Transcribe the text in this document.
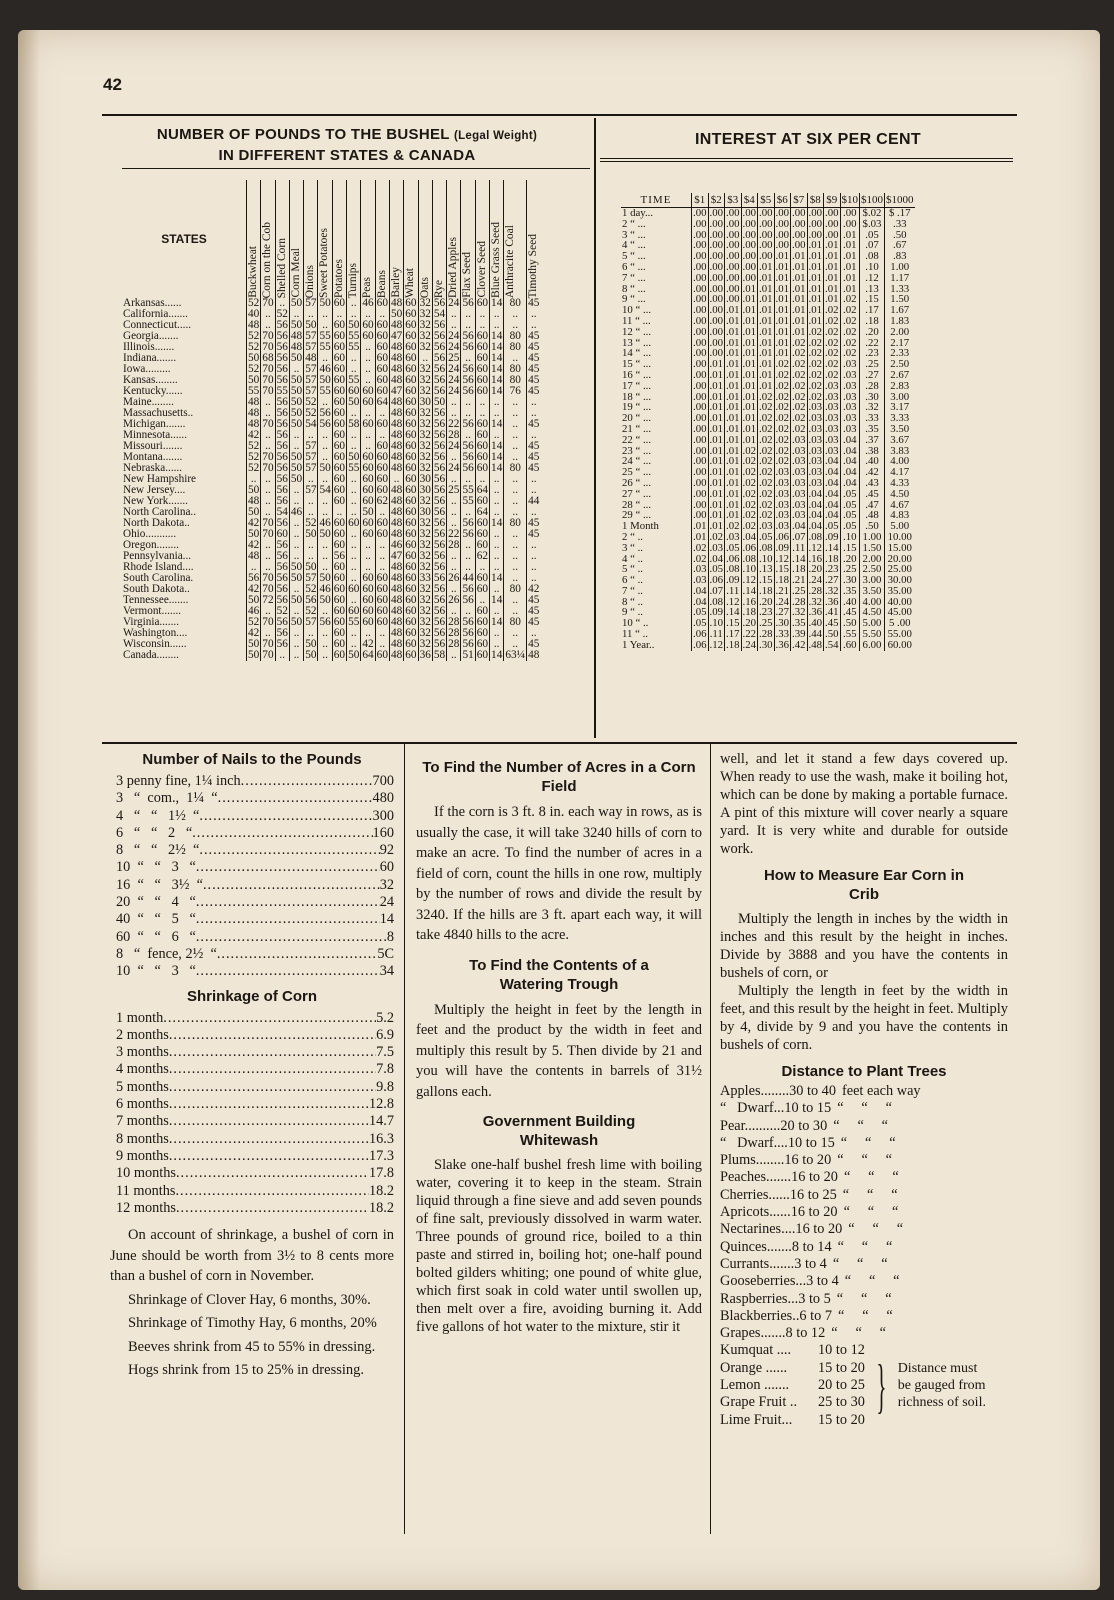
42
NUMBER OF POUNDS TO THE BUSHEL (Legal Weight)
IN DIFFERENT STATES & CANADA
STATES	Buckwheat	Corn on the Cob	Shelled Corn	Corn Meal	Onions	Sweet Potatoes	Potatoes	Turnips	Peas	Beans	Barley	Wheat	Oats	Rye	Dried Apples	Flax Seed	Clover Seed	Blue Grass Seed	Anthracite Coal	Timothy Seed

Arkansas......	52	70	..	50	57	50	60	..	46	60	48	60	32	56	24	56	60	14	80	45
California.......	40	..	52	..	..	..	..	..	..	..	50	60	32	54	..	..	..	..	..	..
Connecticut.....	48	..	56	50	50	..	60	50	60	60	48	60	32	56	..	..	..	..	..	..
Georgia.......	52	70	56	48	57	55	60	55	60	60	47	60	32	56	24	56	60	14	80	45
Illinois.......	52	70	56	48	57	55	60	55	..	60	48	60	32	56	24	56	60	14	80	45
Indiana.......	50	68	56	50	48	..	60	..	..	60	48	60	..	56	25	..	60	14	..	45
Iowa.........	52	70	56	..	57	46	60	..	..	60	48	60	32	56	24	56	60	14	80	45
Kansas........	50	70	56	50	57	50	60	55	..	60	48	60	32	56	24	56	60	14	80	45
Kentucky......	55	70	55	50	57	55	60	60	60	60	47	60	32	56	24	56	60	14	76	45
Maine........	48	..	56	50	52	..	60	50	60	64	48	60	30	50	..	..	..	..	..	..
Massachusetts..	48	..	56	50	52	56	60	..	..	..	48	60	32	56	..	..	..	..	..	..
Michigan.......	48	70	56	50	54	56	60	58	60	60	48	60	32	56	22	56	60	14	..	45
Minnesota......	42	..	56	..	..	..	60	..	..	..	48	60	32	56	28	..	60	..	..	..
Missouri.......	52	..	56	..	57	..	60	..	..	60	48	60	32	56	24	56	60	14	..	45
Montana.......	52	70	56	50	57	..	60	50	60	60	48	60	32	56	..	56	60	14	..	45
Nebraska......	52	70	56	50	57	50	60	55	60	60	48	60	32	56	24	56	60	14	80	45
New Hampshire	..	..	56	50	..	..	60	..	60	60	..	60	30	56	..	..	..	..	..	..
New Jersey....	50	..	56	..	57	54	60	..	60	60	48	60	30	56	25	55	64	..	..	..
New York.......	48	..	56	..	..	..	60	..	60	62	48	60	32	56	..	55	60	..	..	44
North Carolina..	50	..	54	46	..	..	..	..	50	..	48	60	30	56	..	..	64	..	..	..
North Dakota..	42	70	56	..	52	46	60	60	60	60	48	60	32	56	..	56	60	14	80	45
Ohio...........	50	70	60	..	50	50	60	..	60	60	48	60	32	56	22	56	60	..	..	45
Oregon........	42	..	56	..	..	..	60	..	..	..	46	60	32	56	28	..	60	..	..	..
Pennsylvania...	48	..	56	..	..	..	56	..	..	..	47	60	32	56	..	..	62	..	..	..
Rhode Island....	..	..	56	50	50	..	60	..	..	..	48	60	32	56	..	..	..	..	..	..
South Carolina.	56	70	56	50	57	50	60	..	60	60	48	60	33	56	26	44	60	14	..	..
South Dakota..	42	70	56	..	52	46	60	60	60	60	48	60	32	56	..	56	60	..	80	42
Tennessee.......	50	72	56	50	56	50	60	..	60	60	48	60	32	56	26	56	..	14	..	45
Vermont.......	46	..	52	..	52	..	60	60	60	60	48	60	32	56	..	..	60	..	..	45
Virginia.......	52	70	56	50	57	56	60	55	60	60	48	60	32	56	28	56	60	14	80	45
Washington....	42	..	56	..	..	..	60	..	..	..	48	60	32	56	28	56	60	..	..	..
Wisconsin......	50	70	56	..	50	..	60	..	42	..	48	60	32	56	28	56	60	..	..	45
Canada........	50	70	..	..	50	..	60	50	64	60	48	60	36	58	..	51	60	14	63¼	48
INTEREST AT SIX PER CENT
TIME	$1	$2	$3	$4	$5	$6	$7	$8	$9	$10	$100	$1000
1 day...	.00	.00	.00	.00	.00	.00	.00	.00	.00	.00	$.02	$ .17
2 “ ...	.00	.00	.00	.00	.00	.00	.00	.00	.00	.00	$.03	.33
3 “ ...	.00	.00	.00	.00	.00	.00	.00	.00	.00	.01	.05	.50
4 “ ...	.00	.00	.00	.00	.00	.00	.00	.01	.01	.01	.07	.67
5 “ ...	.00	.00	.00	.00	.00	.01	.01	.01	.01	.01	.08	.83
6 “ ...	.00	.00	.00	.00	.01	.01	.01	.01	.01	.01	.10	1.00
7 “ ...	.00	.00	.00	.00	.01	.01	.01	.01	.01	.01	.12	1.17
8 “ ...	.00	.00	.00	.01	.01	.01	.01	.01	.01	.01	.13	1.33
9 “ ...	.00	.00	.00	.01	.01	.01	.01	.01	.01	.02	.15	1.50
10 “ ...	.00	.00	.01	.01	.01	.01	.01	.01	.02	.02	.17	1.67
11 “ ...	.00	.00	.01	.01	.01	.01	.01	.01	.02	.02	.18	1.83
12 “ ...	.00	.00	.01	.01	.01	.01	.01	.02	.02	.02	.20	2.00
13 “ ...	.00	.00	.01	.01	.01	.01	.02	.02	.02	.02	.22	2.17
14 “ ...	.00	.00	.01	.01	.01	.01	.02	.02	.02	.02	.23	2.33
15 “ ...	.00	.01	.01	.01	.01	.02	.02	.02	.02	.03	.25	2.50
16 “ ...	.00	.01	.01	.01	.01	.02	.02	.02	.02	.03	.27	2.67
17 “ ...	.00	.01	.01	.01	.01	.02	.02	.02	.03	.03	.28	2.83
18 “ ...	.00	.01	.01	.01	.02	.02	.02	.02	.03	.03	.30	3.00
19 “ ...	.00	.01	.01	.01	.02	.02	.02	.03	.03	.03	.32	3.17
20 “ ...	.00	.01	.01	.01	.02	.02	.02	.03	.03	.03	.33	3.33
21 “ ...	.00	.01	.01	.01	.02	.02	.02	.03	.03	.03	.35	3.50
22 “ ...	.00	.01	.01	.01	.02	.02	.03	.03	.03	.04	.37	3.67
23 “ ...	.00	.01	.01	.02	.02	.02	.03	.03	.03	.04	.38	3.83
24 “ ...	.00	.01	.01	.02	.02	.02	.03	.03	.04	.04	.40	4.00
25 “ ...	.00	.01	.01	.02	.02	.03	.03	.03	.04	.04	.42	4.17
26 “ ...	.00	.01	.01	.02	.02	.03	.03	.03	.04	.04	.43	4.33
27 “ ...	.00	.01	.01	.02	.02	.03	.03	.04	.04	.05	.45	4.50
28 “ ...	.00	.01	.01	.02	.02	.03	.03	.04	.04	.05	.47	4.67
29 “ ...	.00	.01	.01	.02	.02	.03	.03	.04	.04	.05	.48	4.83
1 Month	.01	.01	.02	.02	.03	.03	.04	.04	.05	.05	.50	5.00
2 “ ..	.01	.02	.03	.04	.05	.06	.07	.08	.09	.10	1.00	10.00
3 “ ..	.02	.03	.05	.06	.08	.09	.11	.12	.14	.15	1.50	15.00
4 “ ..	.02	.04	.06	.08	.10	.12	.14	.16	.18	.20	2.00	20.00
5 “ ..	.03	.05	.08	.10	.13	.15	.18	.20	.23	.25	2.50	25.00
6 “ ..	.03	.06	.09	.12	.15	.18	.21	.24	.27	.30	3.00	30.00
7 “ ..	.04	.07	.11	.14	.18	.21	.25	.28	.32	.35	3.50	35.00
8 “ ..	.04	.08	.12	.16	.20	.24	.28	.32	.36	.40	4.00	40.00
9 “ ..	.05	.09	.14	.18	.23	.27	.32	.36	.41	.45	4.50	45.00
10 “ ..	.05	.10	.15	.20	.25	.30	.35	.40	.45	.50	5.00	5 .00
11 “ ..	.06	.11	.17	.22	.28	.33	.39	.44	.50	.55	5.50	55.00
1 Year..	.06	.12	.18	.24	.30	.36	.42	.48	.54	.60	6.00	60.00
Number of Nails to the Pounds
3 penny fine, 1¼ inch .....	700
3   “  com.,  1¼  “ .....	480
4   “   “   1½  “ .....	300
6   “   “   2   “ .....	160
8   “   “   2½  “ .....	92
10  “   “   3   “ .....	60
16  “   “   3½  “ .....	32
20  “   “   4   “ .....	24
40  “   “   5   “ .....	14
60  “   “   6   “ .....	8
8   “  fence, 2½  “ .....	5C
10  “   “   3   “ .....	34
Shrinkage of Corn
1 month .....	5.2
2 months .....	6.9
3 months .....	7.5
4 months .....	7.8
5 months .....	9.8
6 months .....	12.8
7 months .....	14.7
8 months .....	16.3
9 months .....	17.3
10 months .....	17.8
11 months .....	18.2
12 months .....	18.2

On account of shrinkage, a bushel of corn in June should be worth from 3½ to 8 cents more than a bushel of corn in November.

Shrinkage of Clover Hay, 6 months, 30%.

Shrinkage of Timothy Hay, 6 months, 20%

Beeves shrink from 45 to 55% in dressing.

Hogs shrink from 15 to 25% in dressing.

To Find the Number of Acres in a Corn Field

If the corn is 3 ft. 8 in. each way in rows, as is usually the case, it will take 3240 hills of corn to make an acre. To find the number of acres in a field of corn, count the hills in one row, multiply by the number of rows and divide the result by 3240. If the hills are 3 ft. apart each way, it will take 4840 hills to the acre.

To Find the Contents of a Watering Trough

Multiply the height in feet by the length in feet and the product by the width in feet and multiply this result by 5. Then divide by 21 and you will have the contents in barrels of 31½ gallons each.

Government Building Whitewash

Slake one-half bushel fresh lime with boiling water, covering it to keep in the steam. Strain liquid through a fine sieve and add seven pounds of fine salt, previously dissolved in warm water. Three pounds of ground rice, boiled to a thin paste and stirred in, boiling hot; one-half pound bolted gilders whiting; one pound of white glue, which first soak in cold water until swollen up, then melt over a fire, avoiding burning it. Add five gallons of hot water to the mixture, stir it

well, and let it stand a few days covered up. When ready to use the wash, make it boiling hot, which can be done by making a portable furnace. A pint of this mixture will cover nearly a square yard. It is very white and durable for outside work.

How to Measure Ear Corn in Crib

Multiply the length in inches by the width in inches and this result by the height in inches. Divide by 3888 and you have the contents in bushels of corn, or

Multiply the length in feet by the width in feet, and this result by the height in feet. Multiply by 4, divide by 9 and you have the contents in bushels of corn.

Distance to Plant Trees
Apples........ 30 to 40 feet each way
“   Dwarf... 10 to 15 “     “     “
Pear.......... 20 to 30 “     “     “
“   Dwarf.... 10 to 15 “     “     “
Plums........ 16 to 20 “     “     “
Peaches....... 16 to 20 “     “     “
Cherries...... 16 to 25 “     “     “
Apricots...... 16 to 20 “     “     “
Nectarines.... 16 to 20 “     “     “
Quinces....... 8 to 14 “     “     “
Currants....... 3 to 4 “     “     “
Gooseberries... 3 to 4 “     “     “
Raspberries... 3 to 5 “     “     “
Blackberries.. 6 to 7 “     “     “
Grapes....... 8 to 12 “     “     “
Kumquat ....	10 to 12
Orange ......	15 to 20
Lemon .......	20 to 25
Grape Fruit ..	25 to 30
Lime Fruit...	15 to 20
} Distance must be gauged from richness of soil.
